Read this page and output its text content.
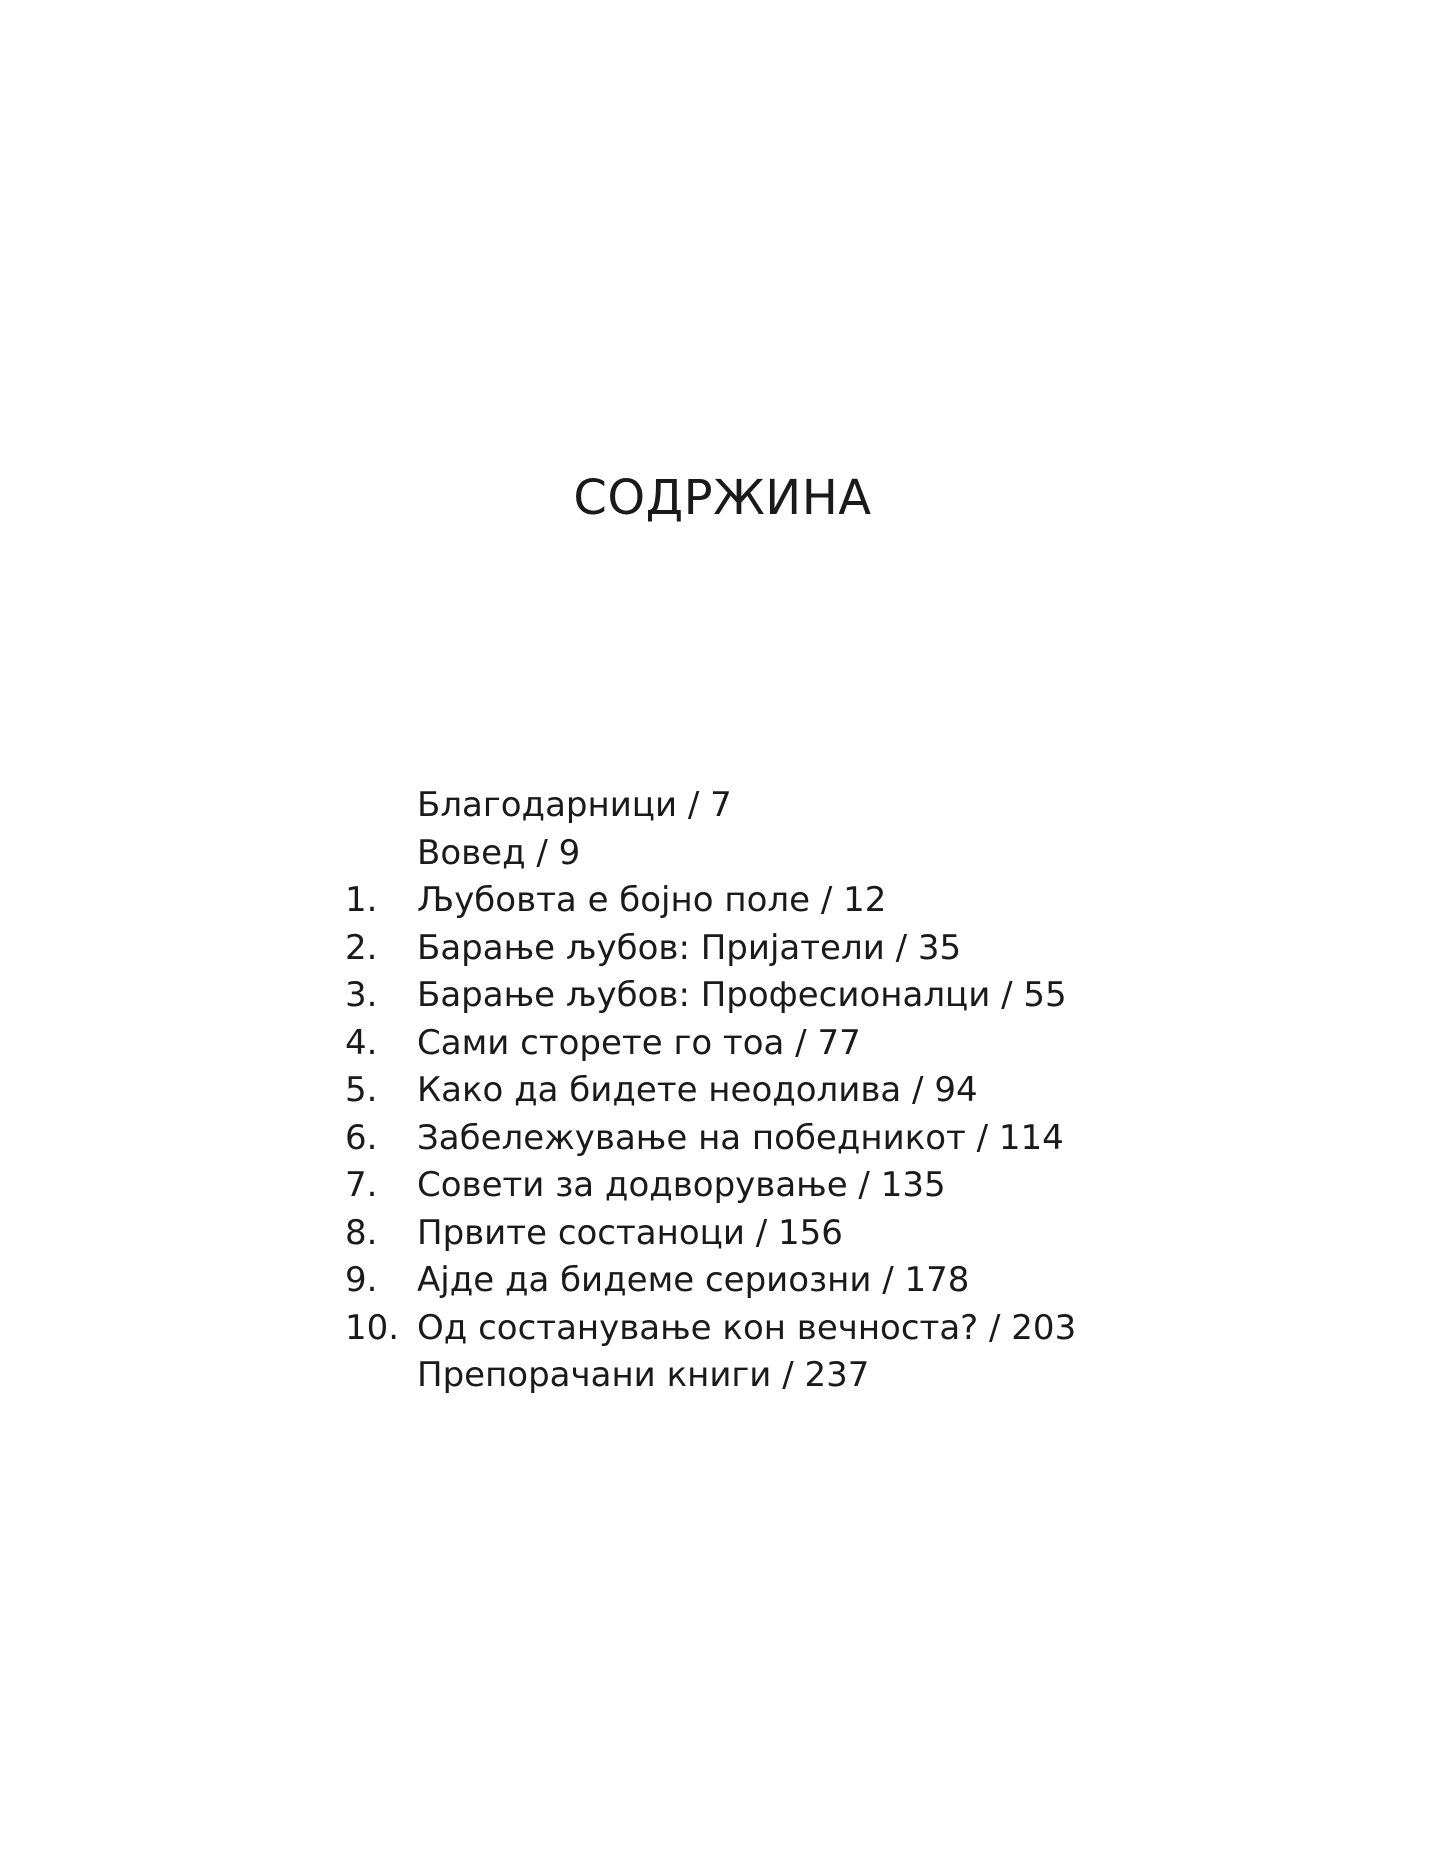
СОДРЖИНА
Благодарници / 7
Вовед / 9
1. Љубовта е бојно поле / 12
2. Барање љубов: Пријатели / 35
3. Барање љубов: Професионалци / 55
4. Сами сторете го тоа / 77
5. Како да бидете неодолива / 94
6. Забележување на победникот / 114
7. Совети за додворување / 135
8. Првите состаноци / 156
9. Ајде да бидеме сериозни / 178
10. Од состанување кон вечноста? / 203
Препорачани книги / 237
